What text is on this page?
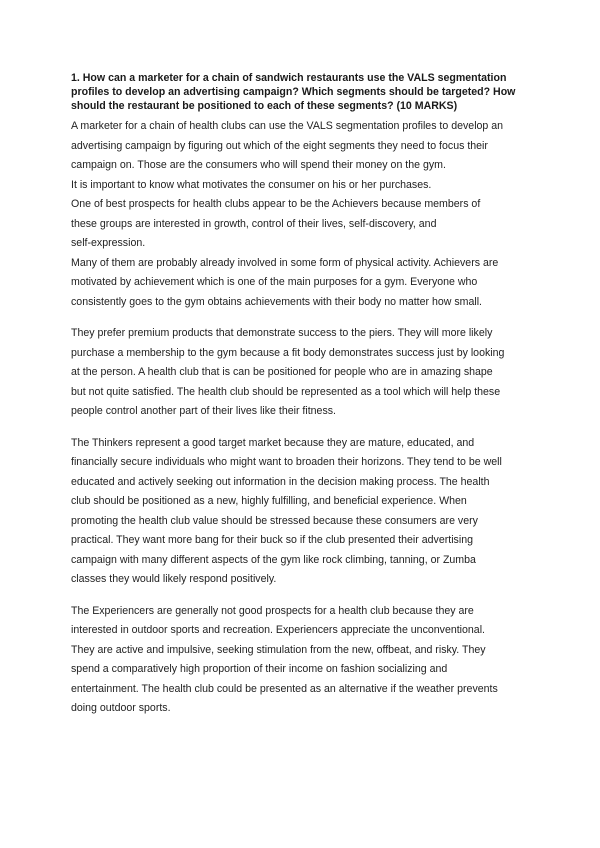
1. How can a marketer for a chain of sandwich restaurants use the VALS segmentation profiles to develop an advertising campaign? Which segments should be targeted? How should the restaurant be positioned to each of these segments? (10 MARKS)

A marketer for a chain of health clubs can use the VALS segmentation profiles to develop an

advertising campaign by figuring out which of the eight segments they need to focus their

campaign on. Those are the consumers who will spend their money on the gym.

It is important to know what motivates the consumer on his or her purchases.

One of best prospects for health clubs appear to be the Achievers because members of

these groups are interested in growth, control of their lives, self-discovery, and

self-expression.

Many of them are probably already involved in some form of physical activity. Achievers are

motivated by achievement which is one of the main purposes for a gym. Everyone who

consistently goes to the gym obtains achievements with their body no matter how small.

They prefer premium products that demonstrate success to the piers. They will more likely

purchase a membership to the gym because a fit body demonstrates success just by looking

at the person. A health club that is can be positioned for people who are in amazing shape

but not quite satisfied. The health club should be represented as a tool which will help these

people control another part of their lives like their fitness.

The Thinkers represent a good target market because they are mature, educated, and

financially secure individuals who might want to broaden their horizons. They tend to be well

educated and actively seeking out information in the decision making process. The health

club should be positioned as a new, highly fulfilling, and beneficial experience. When

promoting the health club value should be stressed because these consumers are very

practical. They want more bang for their buck so if the club presented their advertising

campaign with many different aspects of the gym like rock climbing, tanning, or Zumba

classes they would likely respond positively.

The Experiencers are generally not good prospects for a health club because they are

interested in outdoor sports and recreation. Experiencers appreciate the unconventional.

They are active and impulsive, seeking stimulation from the new, offbeat, and risky. They

spend a comparatively high proportion of their income on fashion socializing and

entertainment. The health club could be presented as an alternative if the weather prevents

doing outdoor sports.
